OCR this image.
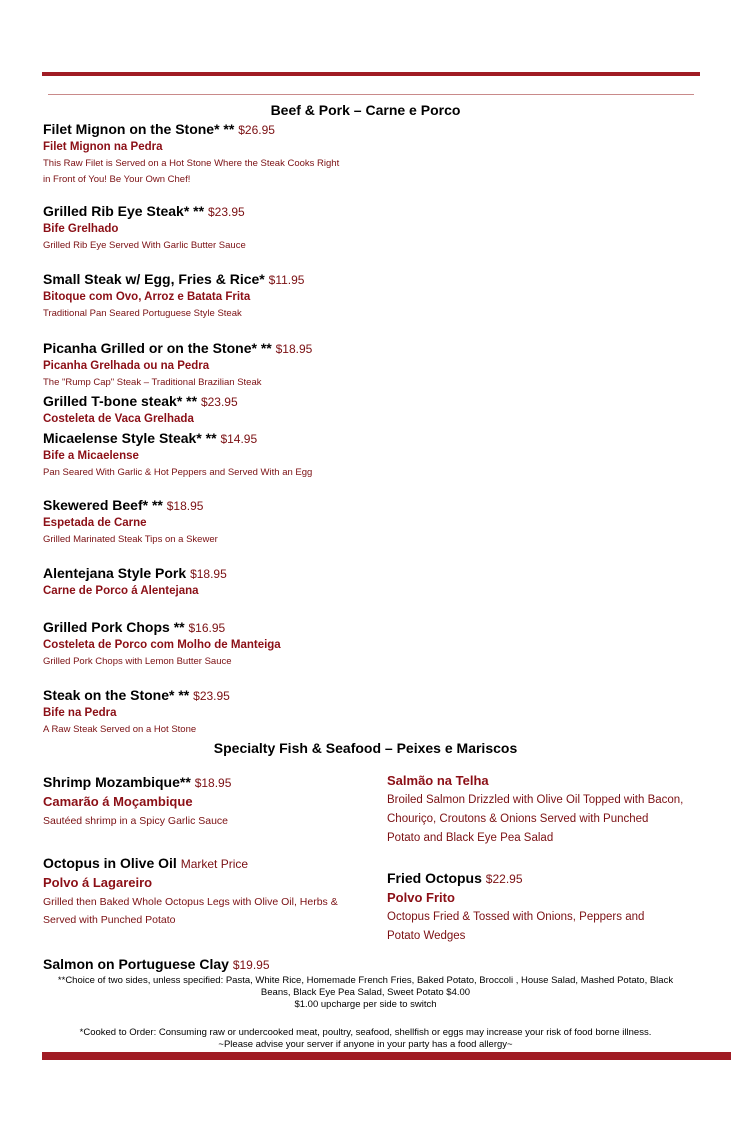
Beef & Pork – Carne e Porco
Filet Mignon on the Stone* ** $26.95
Filet Mignon na Pedra
This Raw Filet is Served on a Hot Stone Where the Steak Cooks Right
in Front of You! Be Your Own Chef!
Grilled Rib Eye Steak* ** $23.95
Bife Grelhado
Grilled Rib Eye Served With Garlic Butter Sauce
Small Steak w/ Egg, Fries & Rice* $11.95
Bitoque com Ovo, Arroz e Batata Frita
Traditional Pan Seared Portuguese Style Steak
Picanha Grilled or on the Stone* ** $18.95
Picanha Grelhada ou na Pedra
The "Rump Cap" Steak – Traditional Brazilian Steak
Grilled T-bone steak* ** $23.95
Costeleta de Vaca Grelhada
Micaelense Style Steak* ** $14.95
Bife a Micaelense
Pan Seared With Garlic & Hot Peppers and Served With an Egg
Skewered Beef* ** $18.95
Espetada de Carne
Grilled Marinated Steak Tips on a Skewer
Alentejana Style Pork $18.95
Carne de Porco á Alentejana
Grilled Pork Chops ** $16.95
Costeleta de Porco com Molho de Manteiga
Grilled Pork Chops with Lemon Butter Sauce
Steak on the Stone* ** $23.95
Bife na Pedra
A Raw Steak Served on a Hot Stone
Specialty Fish & Seafood – Peixes e Mariscos
Shrimp Mozambique** $18.95
Camarão á Moçambique
Sautéed shrimp in a Spicy Garlic Sauce
Octopus in Olive Oil Market Price
Polvo á Lagareiro
Grilled then Baked Whole Octopus Legs with Olive Oil, Herbs &
Served with Punched Potato
Salmon on Portuguese Clay $19.95
Salmão na Telha
Broiled Salmon Drizzled with Olive Oil Topped with Bacon,
Chouriço, Croutons & Onions Served with Punched
Potato and Black Eye Pea Salad
Fried Octopus $22.95
Polvo Frito
Octopus Fried & Tossed with Onions, Peppers and
Potato Wedges
**Choice of two sides, unless specified: Pasta, White Rice, Homemade French Fries, Baked Potato, Broccoli , House Salad, Mashed Potato, Black
Beans, Black Eye Pea Salad, Sweet Potato $4.00
$1.00 upcharge per side to switch
*Cooked to Order: Consuming raw or undercooked meat, poultry, seafood, shellfish or eggs may increase your risk of food borne illness.
~Please advise your server if anyone in your party has a food allergy~
